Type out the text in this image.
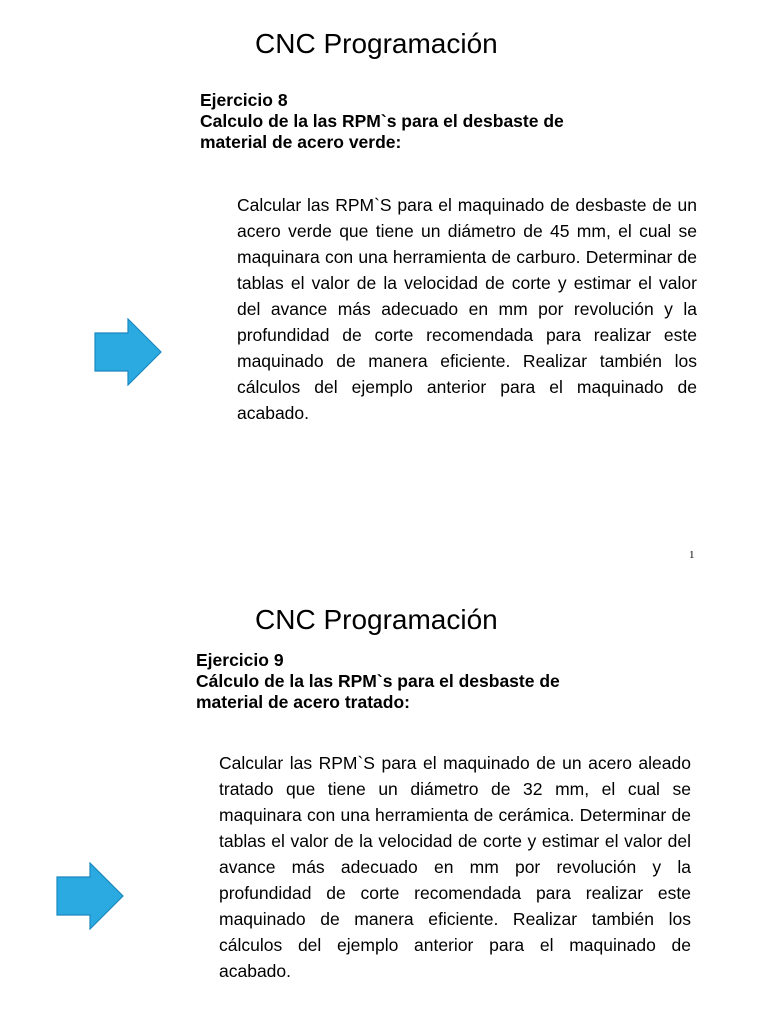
CNC Programación
Ejercicio 8
Calculo de la las RPM`s para el desbaste de
material de acero verde:

Calcular las RPM`S para el maquinado de desbaste de un acero verde que tiene un diámetro de 45 mm, el cual se maquinara con una herramienta de carburo. Determinar de tablas el valor de la velocidad de corte y estimar el valor del avance más adecuado en mm por revolución y la profundidad de corte recomendada para realizar este maquinado de manera eficiente. Realizar también los cálculos del ejemplo anterior para el maquinado de acabado.

1
CNC Programación
Ejercicio 9
Cálculo de la las RPM`s para el desbaste de
material de acero tratado:

Calcular las RPM`S para el maquinado de un acero aleado tratado que tiene un diámetro de 32 mm, el cual se maquinara con una herramienta de cerámica. Determinar de tablas el valor de la velocidad de corte y estimar el valor del avance más adecuado en mm por revolución y la profundidad de corte recomendada para realizar este maquinado de manera eficiente. Realizar también los cálculos del ejemplo anterior para el maquinado de acabado.
